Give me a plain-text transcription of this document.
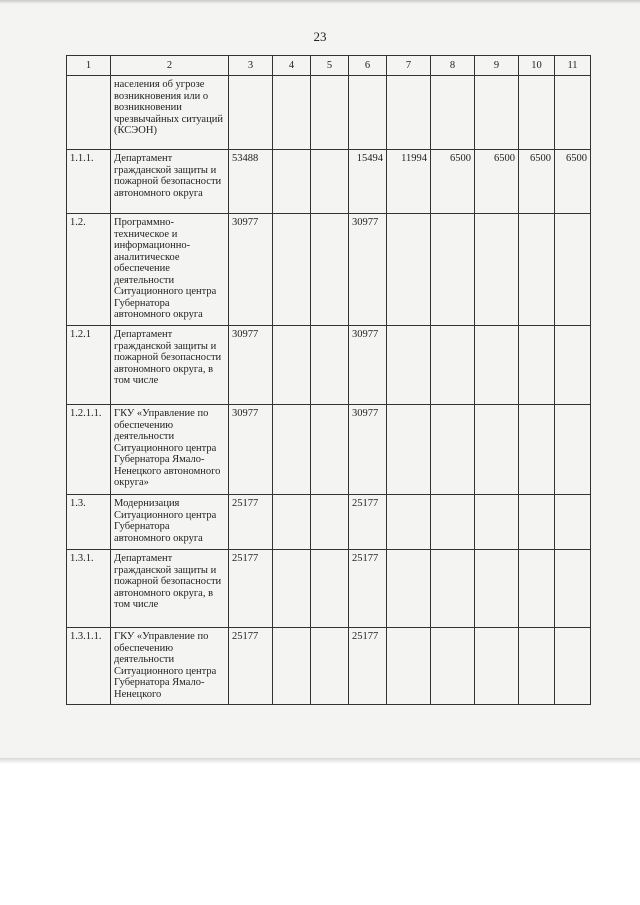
23
1	2	3	4	5	6	7	8	9	10	11
	населения об угрозе возникновения или о возникновении чрезвычайных ситуаций (КСЭОН)									
1.1.1.	Департамент гражданской защиты и пожарной безопасности автономного округа	53488			15494	11994	6500	6500	6500	6500
1.2.	Программно-техническое и информационно-аналитическое обеспечение деятельности Ситуационного центра Губернатора автономного округа	30977			30977					
1.2.1	Департамент гражданской защиты и пожарной безопасности автономного округа, в том числе	30977			30977					
1.2.1.1.	ГКУ «Управление по обеспечению деятельности Ситуационного центра Губернатора Ямало-Ненецкого автономного округа»	30977			30977					
1.3.	Модернизация Ситуационного центра Губернатора автономного округа	25177			25177					
1.3.1.	Департамент гражданской защиты и пожарной безопасности автономного округа, в том числе	25177			25177					
1.3.1.1.	ГКУ «Управление по обеспечению деятельности Ситуационного центра Губернатора Ямало-Ненецкого	25177			25177					
